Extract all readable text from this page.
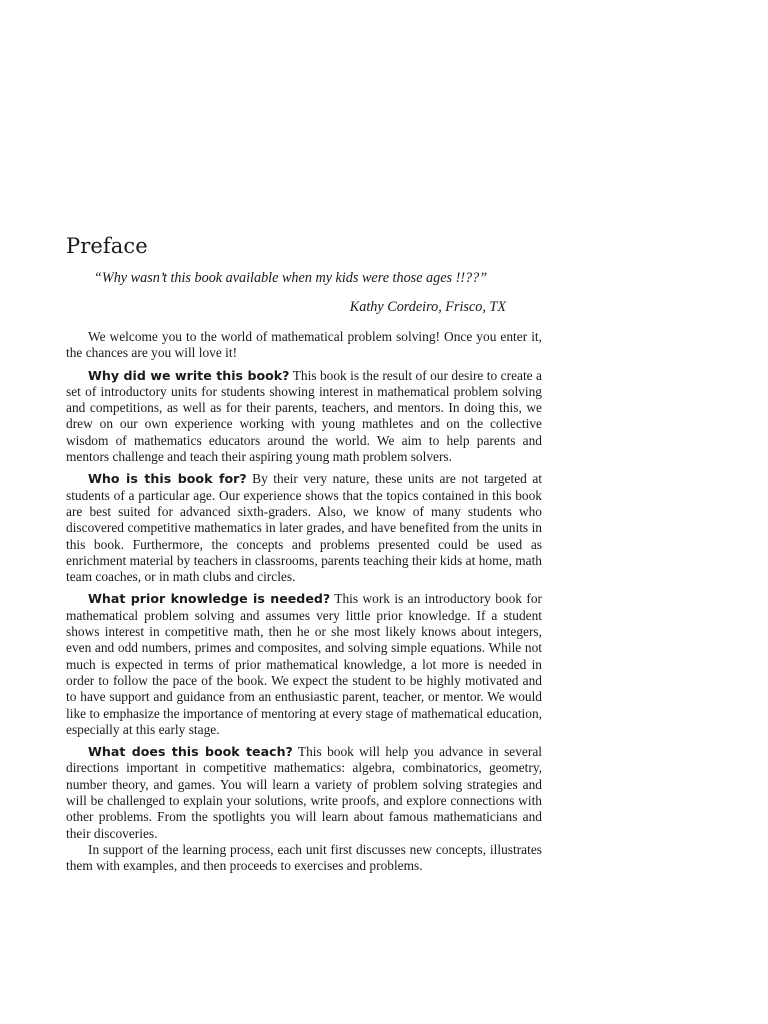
Preface

“Why wasn’t this book available when my kids were those ages !!??”

Kathy Cordeiro, Frisco, TX

We welcome you to the world of mathematical problem solving! Once you enter it, the chances are you will love it!

Why did we write this book? This book is the result of our desire to create a set of introductory units for students showing interest in mathematical problem solving and competitions, as well as for their parents, teachers, and mentors. In doing this, we drew on our own experience working with young mathletes and on the collective wisdom of mathematics educators around the world. We aim to help parents and mentors challenge and teach their aspiring young math problem solvers.

Who is this book for? By their very nature, these units are not targeted at students of a particular age. Our experience shows that the topics contained in this book are best suited for advanced sixth-graders. Also, we know of many students who discovered competitive mathematics in later grades, and have benefited from the units in this book. Furthermore, the concepts and problems presented could be used as enrichment material by teachers in classrooms, parents teaching their kids at home, math team coaches, or in math clubs and circles.

What prior knowledge is needed? This work is an introductory book for mathematical problem solving and assumes very little prior knowledge. If a student shows interest in competitive math, then he or she most likely knows about integers, even and odd numbers, primes and composites, and solving simple equations. While not much is expected in terms of prior mathematical knowledge, a lot more is needed in order to follow the pace of the book. We expect the student to be highly motivated and to have support and guidance from an enthusiastic parent, teacher, or mentor. We would like to emphasize the importance of mentoring at every stage of mathematical education, especially at this early stage.

What does this book teach? This book will help you advance in several directions important in competitive mathematics: algebra, combinatorics, geometry, number theory, and games. You will learn a variety of problem solving strategies and will be challenged to explain your solutions, write proofs, and explore connections with other problems. From the spotlights you will learn about famous mathematicians and their discoveries.

In support of the learning process, each unit first discusses new concepts, illustrates them with examples, and then proceeds to exercises and problems.
